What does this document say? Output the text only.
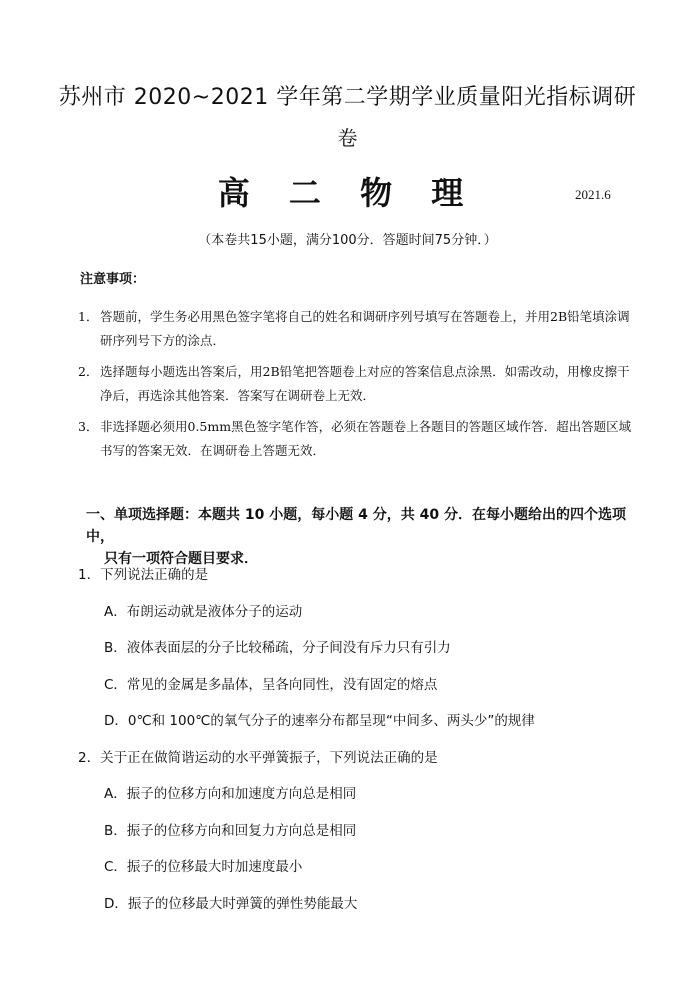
苏州市 2020~2021 学年第二学期学业质量阳光指标调研
卷
高 二 物 理	2021.6
（本卷共15小题，满分100分．答题时间75分钟．）
注意事项：
1． 答题前，学生务必用黑色签字笔将自己的姓名和调研序列号填写在答题卷上，并用2B铅笔填涂调研序列号下方的涂点．
2． 选择题每小题选出答案后，用2B铅笔把答题卷上对应的答案信息点涂黑．如需改动，用橡皮擦干净后，再选涂其他答案．答案写在调研卷上无效．
3． 非选择题必须用0.5mm黑色签字笔作答，必须在答题卷上各题目的答题区域作答．超出答题区域书写的答案无效．在调研卷上答题无效．
一、单项选择题：本题共 10 小题，每小题 4 分，共 40 分．在每小题给出的四个选项中，
只有一项符合题目要求．
1．下列说法正确的是
A．布朗运动就是液体分子的运动
B．液体表面层的分子比较稀疏，分子间没有斥力只有引力
C．常见的金属是多晶体，呈各向同性，没有固定的熔点
D．0℃和 100℃的氧气分子的速率分布都呈现“中间多、两头少”的规律
2．关于正在做简谐运动的水平弹簧振子，下列说法正确的是
A．振子的位移方向和加速度方向总是相同
B．振子的位移方向和回复力方向总是相同
C．振子的位移最大时加速度最小
D．振子的位移最大时弹簧的弹性势能最大
